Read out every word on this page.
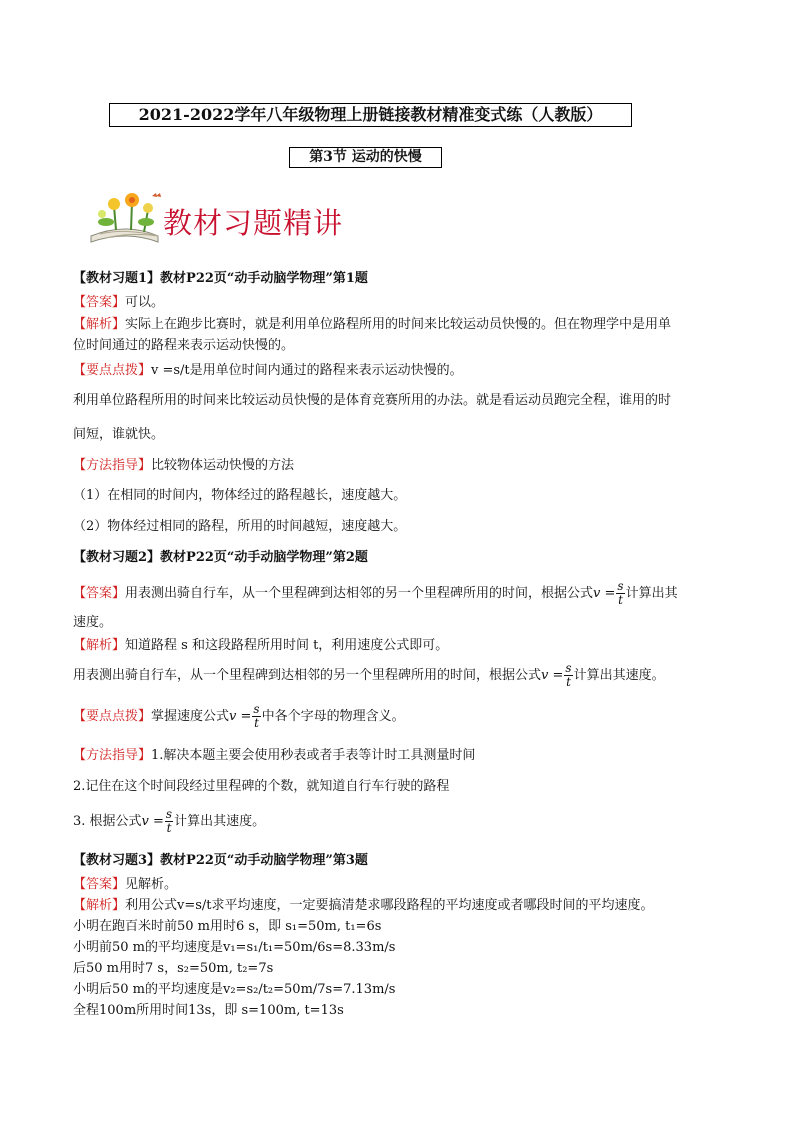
2021-2022学年八年级物理上册链接教材精准变式练（人教版）
第3节 运动的快慢
教材习题精讲
【教材习题1】教材P22页“动手动脑学物理”第1题
【答案】可以。
【解析】实际上在跑步比赛时，就是利用单位路程所用的时间来比较运动员快慢的。但在物理学中是用单
位时间通过的路程来表示运动快慢的。
【要点点拨】v =s/t是用单位时间内通过的路程来表示运动快慢的。
利用单位路程所用的时间来比较运动员快慢的是体育竞赛所用的办法。就是看运动员跑完全程，谁用的时
间短，谁就快。
【方法指导】比较物体运动快慢的方法
（1）在相同的时间内，物体经过的路程越长，速度越大。
（2）物体经过相同的路程，所用的时间越短，速度越大。
【教材习题2】教材P22页“动手动脑学物理”第2题
【答案】用表测出骑自行车，从一个里程碑到达相邻的另一个里程碑所用的时间，根据公式$v = \frac{s}{t}$ 计算出其
速度。
【解析】知道路程 s 和这段路程所用时间 t，利用速度公式即可。
用表测出骑自行车，从一个里程碑到达相邻的另一个里程碑所用的时间，根据公式$v = \frac{s}{t}$ 计算出其速度。
【要点点拨】掌握速度公式$v = \frac{s}{t}$ 中各个字母的物理含义。
【方法指导】1.解决本题主要会使用秒表或者手表等计时工具测量时间
2.记住在这个时间段经过里程碑的个数，就知道自行车行驶的路程
3. 根据公式$v = \frac{s}{t}$ 计算出其速度。
【教材习题3】教材P22页“动手动脑学物理”第3题
【答案】见解析。
【解析】利用公式v=s/t求平均速度，一定要搞清楚求哪段路程的平均速度或者哪段时间的平均速度。
小明在跑百米时前50 m用时6 s，即 s₁=50m, t₁=6s
小明前50 m的平均速度是v₁=s₁/t₁=50m/6s=8.33m/s
后50 m用时7 s，s₂=50m, t₂=7s
小明后50 m的平均速度是v₂=s₂/t₂=50m/7s=7.13m/s
全程100m所用时间13s，即 s=100m, t=13s
